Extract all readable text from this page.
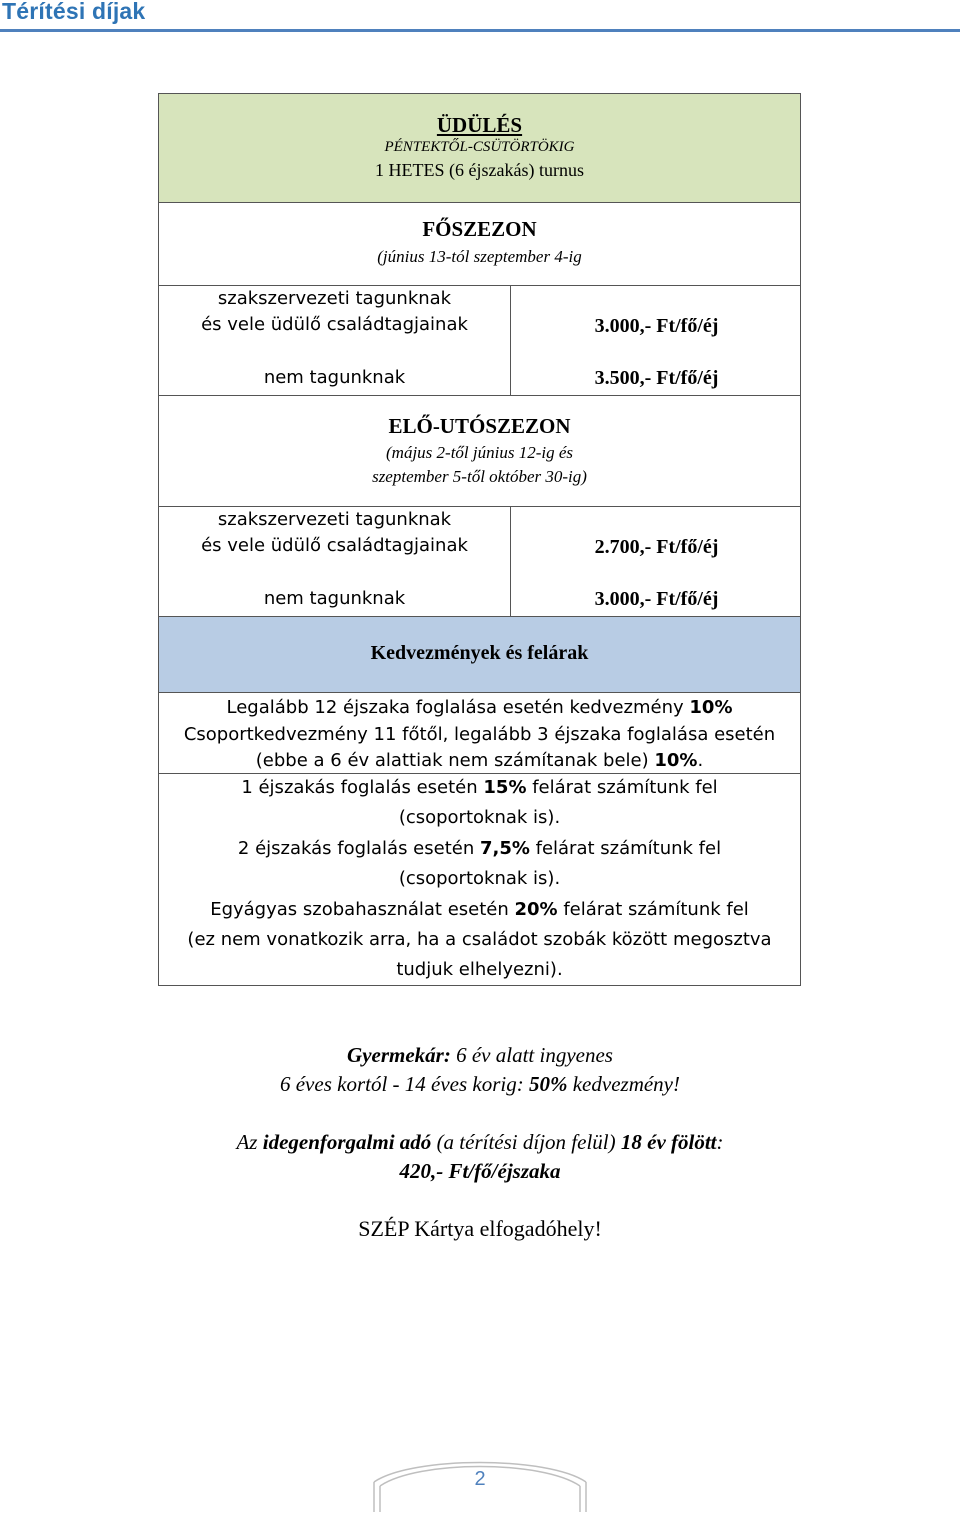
Térítési díjak
ÜDÜLÉS
PÉNTEKTŐL-CSÜTÖRTÖKIG
1 HETES (6 éjszakás) turnus
FŐSZEZON
(június 13-tól szeptember 4-ig
szakszervezeti tagunknak
és vele üdülő családtagjainak
nem tagunknak
3.000,- Ft/fő/éj
3.500,- Ft/fő/éj
ELŐ-UTÓSZEZON
(május 2-től június 12-ig és
szeptember 5-től október 30-ig)
szakszervezeti tagunknak
és vele üdülő családtagjainak
nem tagunknak
2.700,- Ft/fő/éj
3.000,- Ft/fő/éj
Kedvezmények és felárak
Legalább 12 éjszaka foglalása esetén kedvezmény 10%
Csoportkedvezmény 11 főtől, legalább 3 éjszaka foglalása esetén
(ebbe a 6 év alattiak nem számítanak bele) 10%.
1 éjszakás foglalás esetén 15% felárat számítunk fel
(csoportoknak is).
2 éjszakás foglalás esetén 7,5% felárat számítunk fel
(csoportoknak is).
Egyágyas szobahasználat esetén 20% felárat számítunk fel
(ez nem vonatkozik arra, ha a családot szobák között megosztva
tudjuk elhelyezni).
Gyermekár: 6 év alatt ingyenes
6 éves kortól - 14 éves korig: 50% kedvezmény!
Az idegenforgalmi adó (a térítési díjon felül) 18 év fölött:
420,- Ft/fő/éjszaka
SZÉP Kártya elfogadóhely!
2
